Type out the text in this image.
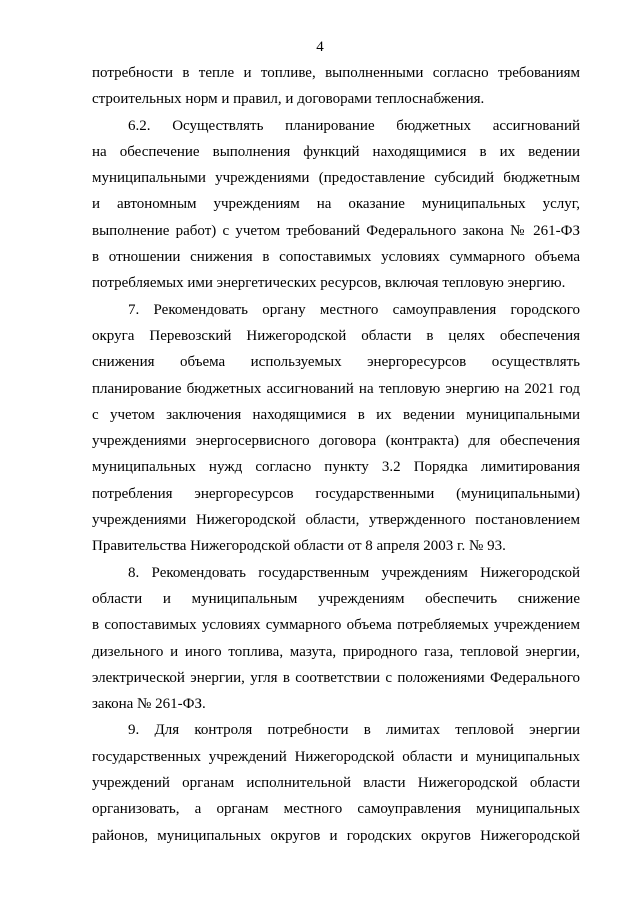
4
потребности в тепле и топливе, выполненными согласно требованиям
строительных норм и правил, и договорами теплоснабжения.
6.2. Осуществлять планирование бюджетных ассигнований
на обеспечение выполнения функций находящимися в их ведении
муниципальными учреждениями (предоставление субсидий бюджетным
и автономным учреждениям на оказание муниципальных услуг,
выполнение работ) с учетом требований Федерального закона № 261-ФЗ
в отношении снижения в сопоставимых условиях суммарного объема
потребляемых ими энергетических ресурсов, включая тепловую энергию.
7. Рекомендовать органу местного самоуправления городского
округа Перевозский Нижегородской области в целях обеспечения
снижения объема используемых энергоресурсов осуществлять
планирование бюджетных ассигнований на тепловую энергию на 2021 год
с учетом заключения находящимися в их ведении муниципальными
учреждениями энергосервисного договора (контракта) для обеспечения
муниципальных нужд согласно пункту 3.2 Порядка лимитирования
потребления энергоресурсов государственными (муниципальными)
учреждениями Нижегородской области, утвержденного постановлением
Правительства Нижегородской области от 8 апреля 2003 г. № 93.
8. Рекомендовать государственным учреждениям Нижегородской
области и муниципальным учреждениям обеспечить снижение
в сопоставимых условиях суммарного объема потребляемых учреждением
дизельного и иного топлива, мазута, природного газа, тепловой энергии,
электрической энергии, угля в соответствии с положениями Федерального
закона № 261-ФЗ.
9. Для контроля потребности в лимитах тепловой энергии
государственных учреждений Нижегородской области и муниципальных
учреждений органам исполнительной власти Нижегородской области
организовать, а органам местного самоуправления муниципальных
районов, муниципальных округов и городских округов Нижегородской
